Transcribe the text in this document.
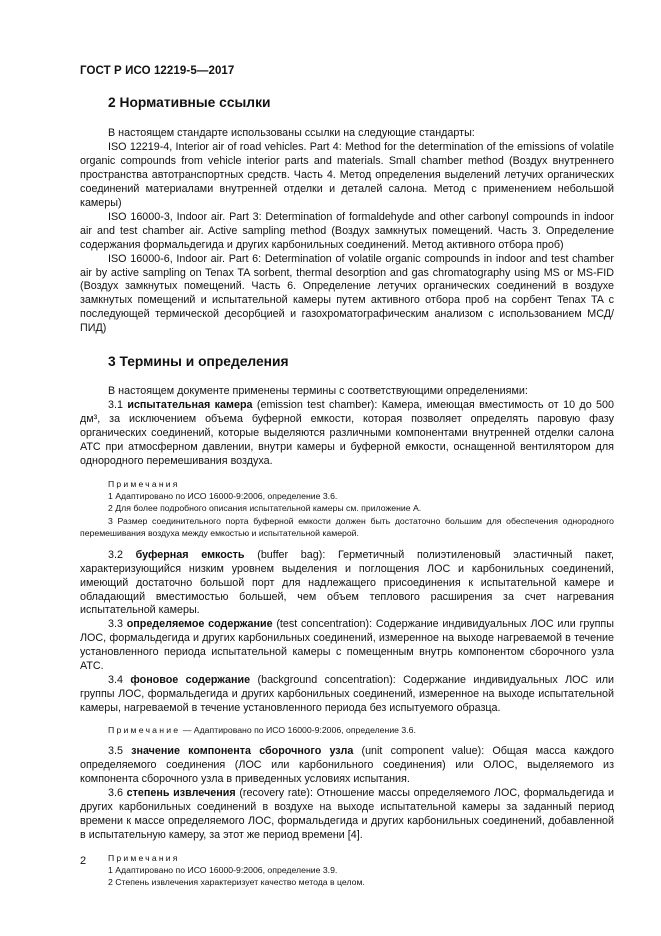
ГОСТ Р ИСО 12219-5—2017
2 Нормативные ссылки

В настоящем стандарте использованы ссылки на следующие стандарты:

ISO 12219-4, Interior air of road vehicles. Part 4: Method for the determination of the emissions of volatile organic compounds from vehicle interior parts and materials. Small chamber method (Воздух внутреннего пространства автотранспортных средств. Часть 4. Метод определения выделений летучих органических соединений материалами внутренней отделки и деталей салона. Метод с применением небольшой камеры)

ISO 16000-3, Indoor air. Part 3: Determination of formaldehyde and other carbonyl compounds in indoor air and test chamber air. Active sampling method (Воздух замкнутых помещений. Часть 3. Определение содержания формальдегида и других карбонильных соединений. Метод активного отбора проб)

ISO 16000-6, Indoor air. Part 6: Determination of volatile organic compounds in indoor and test chamber air by active sampling on Tenax TA sorbent, thermal desorption and gas chromatography using MS or MS-FID (Воздух замкнутых помещений. Часть 6. Определение летучих органических соединений в воздухе замкнутых помещений и испытательной камеры путем активного отбора проб на сорбент Tenax TA с последующей термической десорбцией и газохроматографическим анализом с использованием МСД/ПИД)

3 Термины и определения

В настоящем документе применены термины с соответствующими определениями:

3.1 испытательная камера (emission test chamber): Камера, имеющая вместимость от 10 до 500 дм³, за исключением объема буферной емкости, которая позволяет определять паровую фазу органических соединений, которые выделяются различными компонентами внутренней отделки салона АТС при атмосферном давлении, внутри камеры и буферной емкости, оснащенной вентилятором для однородного перемешивания воздуха.

Примечания

1 Адаптировано по ИСО 16000-9:2006, определение 3.6.

2 Для более подробного описания испытательной камеры см. приложение А.

3 Размер соединительного порта буферной емкости должен быть достаточно большим для обеспечения однородного перемешивания воздуха между емкостью и испытательной камерой.

3.2 буферная емкость (buffer bag): Герметичный полиэтиленовый эластичный пакет, характеризующийся низким уровнем выделения и поглощения ЛОС и карбонильных соединений, имеющий достаточно большой порт для надлежащего присоединения к испытательной камере и обладающий вместимостью большей, чем объем теплового расширения за счет нагревания испытательной камеры.

3.3 определяемое содержание (test concentration): Содержание индивидуальных ЛОС или группы ЛОС, формальдегида и других карбонильных соединений, измеренное на выходе нагреваемой в течение установленного периода испытательной камеры с помещенным внутрь компонентом сборочного узла АТС.

3.4 фоновое содержание (background concentration): Содержание индивидуальных ЛОС или группы ЛОС, формальдегида и других карбонильных соединений, измеренное на выходе испытательной камеры, нагреваемой в течение установленного периода без испытуемого образца.

Примечание — Адаптировано по ИСО 16000-9:2006, определение 3.6.

3.5 значение компонента сборочного узла (unit component value): Общая масса каждого определяемого соединения (ЛОС или карбонильного соединения) или ОЛОС, выделяемого из компонента сборочного узла в приведенных условиях испытания.

3.6 степень извлечения (recovery rate): Отношение массы определяемого ЛОС, формальдегида и других карбонильных соединений в воздухе на выходе испытательной камеры за заданный период времени к массе определяемого ЛОС, формальдегида и других карбонильных соединений, добавленной в испытательную камеру, за этот же период времени [4].

Примечания

1 Адаптировано по ИСО 16000-9:2006, определение 3.9.

2 Степень извлечения характеризует качество метода в целом.

2
